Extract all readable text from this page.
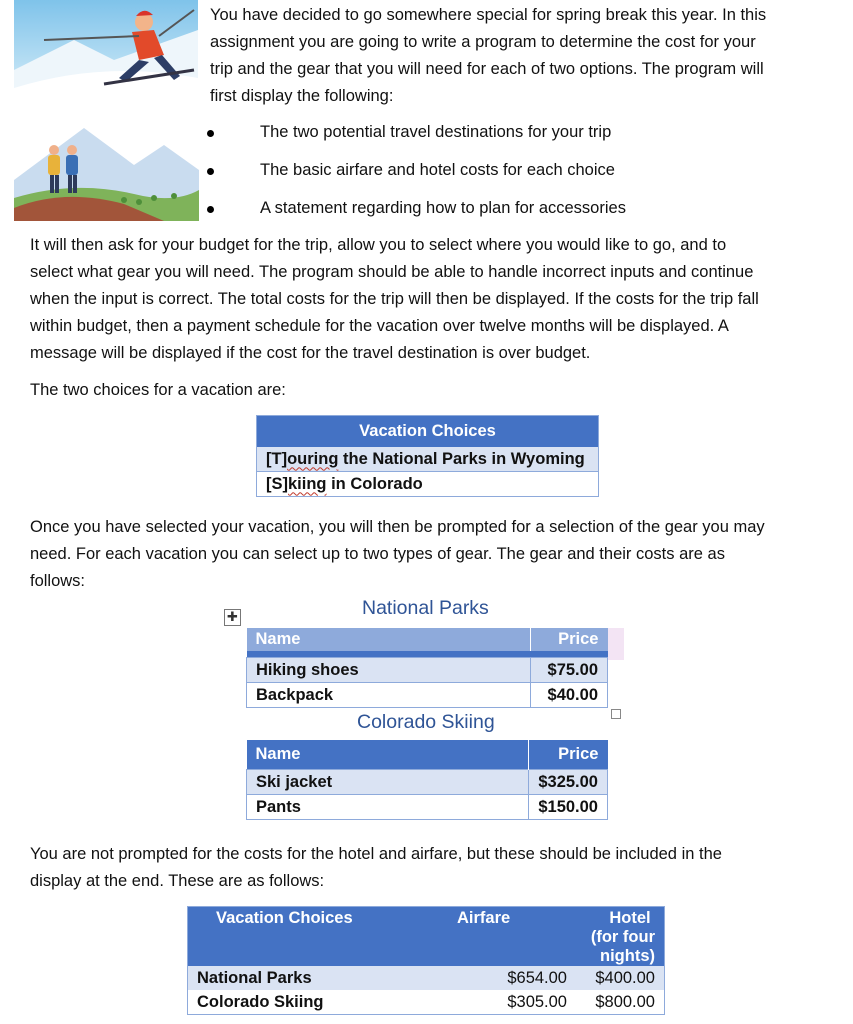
You have decided to go somewhere special for spring break this year. In this
assignment you are going to write a program to determine the cost for your
trip and the gear that you will need for each of two options. The program will
first display the following:
The two potential travel destinations for your trip
The basic airfare and hotel costs for each choice
A statement regarding how to plan for accessories
It will then ask for your budget for the trip, allow you to select where you would like to go, and to
select what gear you will need. The program should be able to handle incorrect inputs and continue
when the input is correct. The total costs for the trip will then be displayed. If the costs for the trip fall
within budget, then a payment schedule for the vacation over twelve months will be displayed. A
message will be displayed if the cost for the travel destination is over budget.
The two choices for a vacation are:
Vacation Choices
[T]ouring the National Parks in Wyoming
[S]kiing in Colorado
Once you have selected your vacation, you will then be prompted for a selection of the gear you may
need. For each vacation you can select up to two types of gear. The gear and their costs are as
follows:
✚	National Parks
Name	Price

Hiking shoes	$75.00
Backpack	$40.00
Colorado Skiing
Name	Price
Ski jacket	$325.00
Pants	$150.00
You are not prompted for the costs for the hotel and airfare, but these should be included in the
display at the end. These are as follows:
Vacation Choices	Airfare	Hotel
(for four nights)

National Parks	$654.00	$400.00
Colorado Skiing	$305.00	$800.00
